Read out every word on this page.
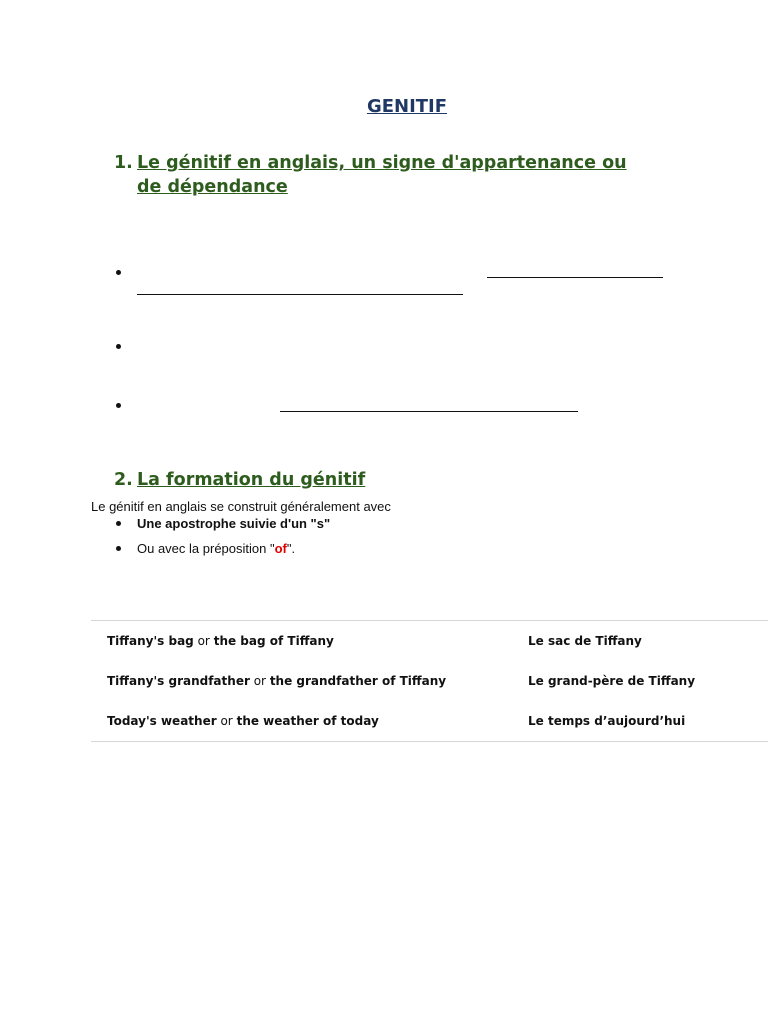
GENITIF
1. Le génitif en anglais, un signe d'appartenance ou de dépendance
2. La formation du génitif

Le génitif en anglais se construit généralement avec

Une apostrophe suivie d'un "s"
Ou avec la préposition "of".
Tiffany's bag or the bag of Tiffany	Le sac de Tiffany
Tiffany's grandfather or the grandfather of Tiffany	Le grand-père de Tiffany
Today's weather or the weather of today	Le temps d’aujourd’hui
